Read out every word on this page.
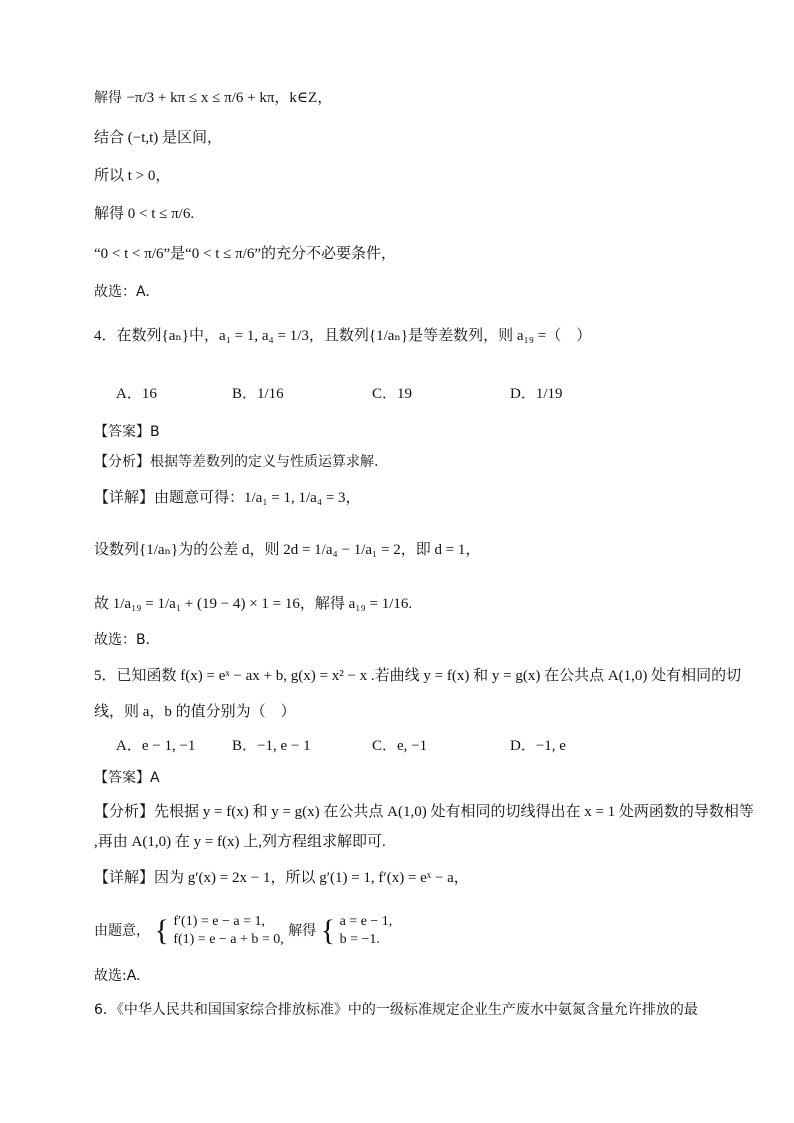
解得 −π/3 + kπ ≤ x ≤ π/6 + kπ，k∈Z，
结合 (−t,t) 是区间，
所以 t > 0，
解得 0 < t ≤ π/6.
“0 < t < π/6”是“0 < t ≤ π/6”的充分不必要条件，
故选：A.
4．在数列{aₙ}中，a₁ = 1, a₄ = 1/3，且数列{1/aₙ}是等差数列，则 a₁₉ =（　）
A．16	B．1/16	C．19	D．1/19
【答案】B
【分析】根据等差数列的定义与性质运算求解.
【详解】由题意可得：1/a₁ = 1, 1/a₄ = 3，
设数列{1/aₙ}为的公差 d，则 2d = 1/a₄ − 1/a₁ = 2，即 d = 1，
故 1/a₁₉ = 1/a₁ + (19 − 4) × 1 = 16，解得 a₁₉ = 1/16.
故选：B．
5．已知函数 f(x) = eˣ − ax + b, g(x) = x² − x .若曲线 y = f(x) 和 y = g(x) 在公共点 A(1,0) 处有相同的切
线，则 a，b 的值分别为（　）
A．e − 1, −1 B．−1, e − 1	C．e, −1	D．−1, e
【答案】A
【分析】先根据 y = f(x) 和 y = g(x) 在公共点 A(1,0) 处有相同的切线得出在 x = 1 处两函数的导数相等
,再由 A(1,0) 在 y = f(x) 上,列方程组求解即可.
【详解】因为 g′(x) = 2x − 1，所以 g′(1) = 1, f′(x) = eˣ − a，
由题意， { f′(1) = e − a = 1,
f(1) = e − a + b = 0,
解得 { a = e − 1,
b = −1.
故选:A.
6．《中华人民共和国国家综合排放标准》中的一级标准规定企业生产废水中氨氮含量允许排放的最
